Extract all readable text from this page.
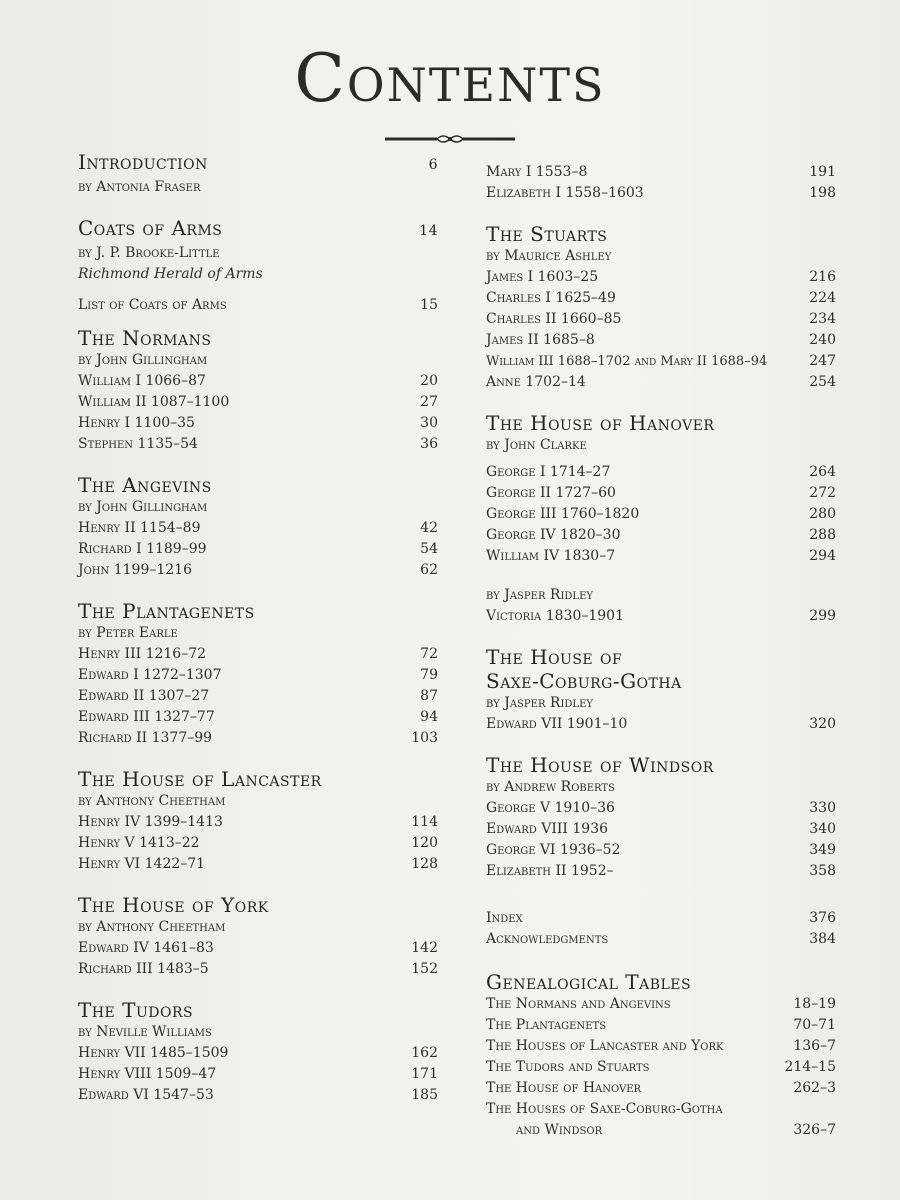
Contents
Introduction	6
by Antonia Fraser
Coats of Arms	14
by J. P. Brooke-Little
Richmond Herald of Arms
List of Coats of Arms	15
The Normans
by John Gillingham
William I 1066–87	20
William II 1087–1100	27
Henry I 1100–35	30
Stephen 1135–54	36
The Angevins
by John Gillingham
Henry II 1154–89	42
Richard I 1189–99	54
John 1199–1216	62
The Plantagenets
by Peter Earle
Henry III 1216–72	72
Edward I 1272–1307	79
Edward II 1307–27	87
Edward III 1327–77	94
Richard II 1377–99	103
The House of Lancaster
by Anthony Cheetham
Henry IV 1399–1413	114
Henry V 1413–22	120
Henry VI 1422–71	128
The House of York
by Anthony Cheetham
Edward IV 1461–83	142
Richard III 1483–5	152
The Tudors
by Neville Williams
Henry VII 1485–1509	162
Henry VIII 1509–47	171
Edward VI 1547–53	185
Mary I 1553–8	191
Elizabeth I 1558–1603	198
The Stuarts
by Maurice Ashley
James I 1603–25	216
Charles I 1625–49	224
Charles II 1660–85	234
James II 1685–8	240
William III 1688–1702 and Mary II 1688–94	247
Anne 1702–14	254
The House of Hanover
by John Clarke
George I 1714–27	264
George II 1727–60	272
George III 1760–1820	280
George IV 1820–30	288
William IV 1830–7	294
by Jasper Ridley
Victoria 1830–1901	299
The House of
Saxe-Coburg-Gotha
by Jasper Ridley
Edward VII 1901–10	320
The House of Windsor
by Andrew Roberts
George V 1910–36	330
Edward VIII 1936	340
George VI 1936–52	349
Elizabeth II 1952–	358
Index	376
Acknowledgments	384
Genealogical Tables
The Normans and Angevins	18–19
The Plantagenets	70–71
The Houses of Lancaster and York	136–7
The Tudors and Stuarts	214–15
The House of Hanover	262–3
The Houses of Saxe-Coburg-Gotha
and Windsor	326–7
